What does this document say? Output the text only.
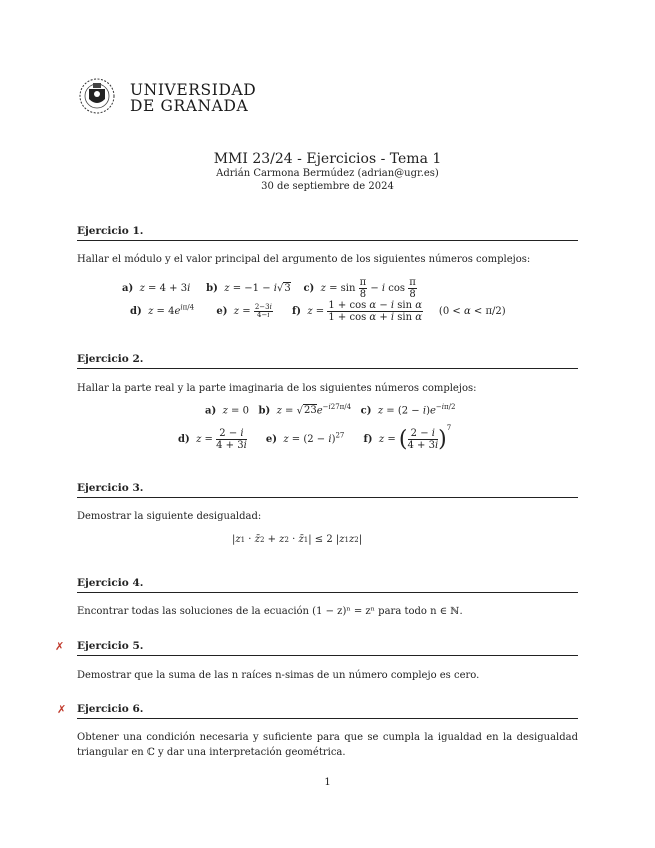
UNIVERSIDAD
DE GRANADA
MMI 23/24 - Ejercicios - Tema 1
Adrián Carmona Bermúdez (adrian@ugr.es)
30 de septiembre de 2024
Ejercicio 1.
Hallar el módulo y el valor principal del argumento de los siguientes números complejos:
a) z = 4 + 3i b) z = −1 − i√3 c) $z = \sin \frac{\pi}{8} - i$ $\cos \frac{\pi}{8}$
d) $z = 4e^{i\pi/4}$ e) $z = \frac{2-3i}{4-i} f$) $z = \frac{\text{1 + cos α − i sin α}}{\text{1 + cos α + i sin α}} (0 < \alpha < \pi/2)$
Ejercicio 2.
Hallar la parte real y la parte imaginaria de los siguientes números complejos:
a) z = 0   b) $z = √23e^{-i27\pi/4}$ c) $z = (2 - i)e^{-i\pi/2}$
d) $z = \frac{2 - i}{4 + 3i} e$) $z = (2 - i)^{27}$ f) z = ( $\frac{2 - i}{4 + 3i} )^7$
Ejercicio 3.
Demostrar la siguiente desigualdad:
|z1 · z̄2 + z2 · z̄1| ≤ 2 |z1z2|
Ejercicio 4.
Encontrar todas las soluciones de la ecuación (1 − z)ⁿ = zⁿ para todo n ∈ ℕ.
✗ Ejercicio 5.
Demostrar que la suma de las n raíces n-simas de un número complejo es cero.
✗ Ejercicio 6.
Obtener una condición necesaria y suficiente para que se cumpla la igualdad en la desigualdad triangular en ℂ y dar una interpretación geométrica.
1
